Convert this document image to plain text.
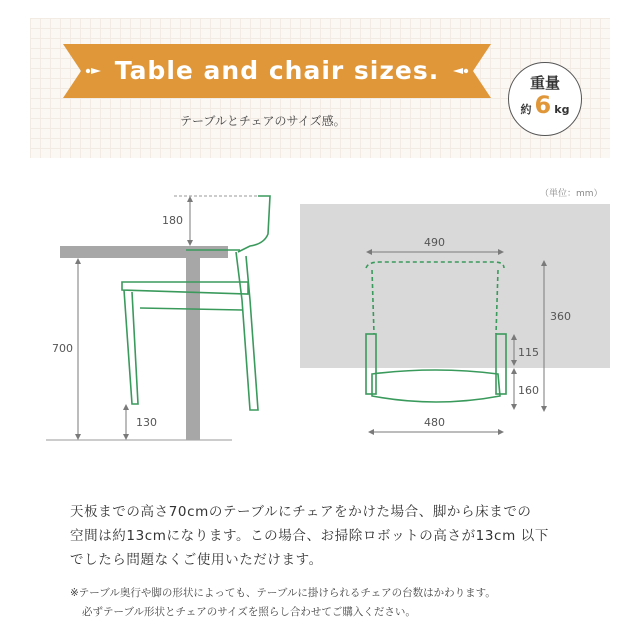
Table and chair sizes.
テーブルとチェアのサイズ感。
重量
約 6 kg
（単位：mm）
180
700
130
490
360
115
160
480
天板までの高さ70cmのテーブルにチェアをかけた場合、脚から床までの
空間は約13cmになります。この場合、お掃除ロボットの高さが13cm 以下
でしたら問題なくご使用いただけます。
※テーブル奥行や脚の形状によっても、テーブルに掛けられるチェアの台数はかわります。
必ずテーブル形状とチェアのサイズを照らし合わせてご購入ください。
